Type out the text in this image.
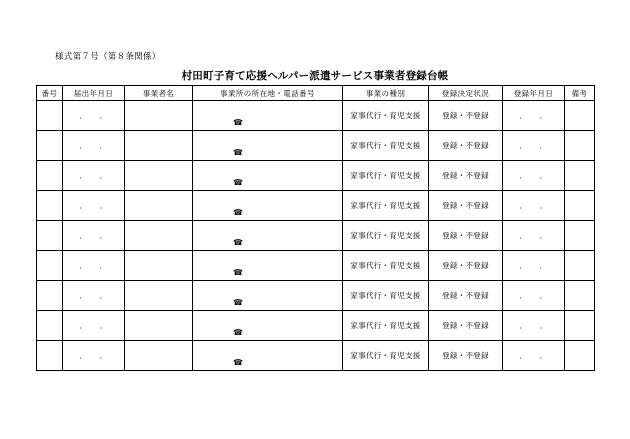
様式第７号（第８条関係）
村田町子育て応援ヘルパー派遣サービス事業者登録台帳
番号	届出年月日	事業者名	事業所の所在地・電話番号	事業の種別	登録決定状況	登録年月日	備考
	．　　．		☎	家事代行・育児支援	登録・不登録	．　　．	
	．　　．		☎	家事代行・育児支援	登録・不登録	．　　．	
	．　　．		☎	家事代行・育児支援	登録・不登録	．　　．	
	．　　．		☎	家事代行・育児支援	登録・不登録	．　　．	
	．　　．		☎	家事代行・育児支援	登録・不登録	．　　．	
	．　　．		☎	家事代行・育児支援	登録・不登録	．　　．	
	．　　．		☎	家事代行・育児支援	登録・不登録	．　　．	
	．　　．		☎	家事代行・育児支援	登録・不登録	．　　．	
	．　　．		☎	家事代行・育児支援	登録・不登録	．　　．	
